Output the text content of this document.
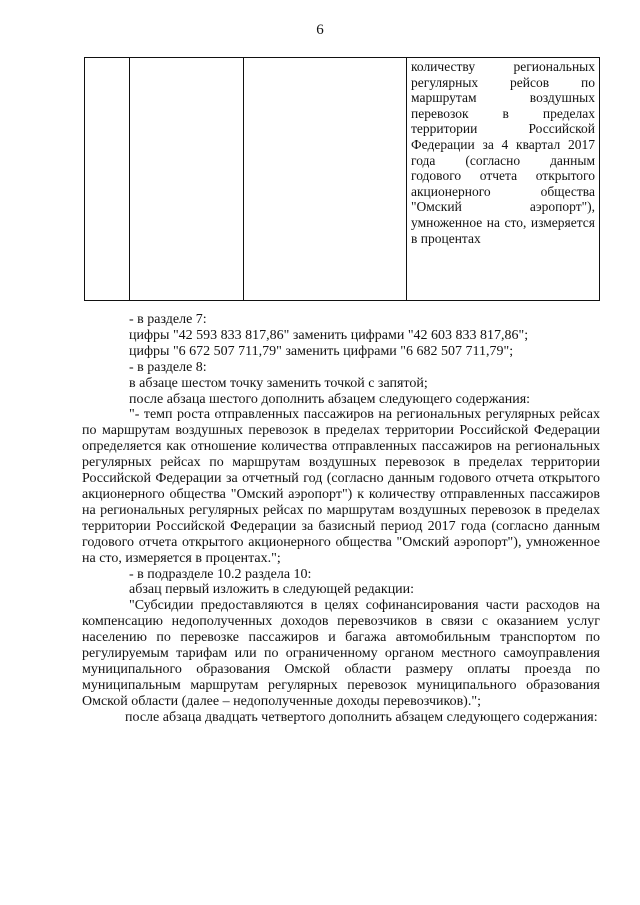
6

количеству региональных регулярных рейсов по маршрутам воздушных перевозок в пределах территории Российской Федерации за 4 квартал 2017 года (согласно данным годового отчета открытого акционерного общества "Омский аэропорт"), умноженное на сто, измеряется в процентах

- в разделе 7:

цифры "42 593 833 817,86" заменить цифрами "42 603 833 817,86";

цифры "6 672 507 711,79" заменить цифрами "6 682 507 711,79";

- в разделе 8:

в абзаце шестом точку заменить точкой с запятой;

после абзаца шестого дополнить абзацем следующего содержания:

"- темп роста отправленных пассажиров на региональных регулярных рейсах по маршрутам воздушных перевозок в пределах территории Российской Федерации определяется как отношение количества отправленных пассажиров на региональных регулярных рейсах по маршрутам воздушных перевозок в пределах территории Российской Федерации за отчетный год (согласно данным годового отчета открытого акционерного общества "Омский аэропорт") к количеству отправленных пассажиров на региональных регулярных рейсах по маршрутам воздушных перевозок в пределах территории Российской Федерации за базисный период 2017 года (согласно данным годового отчета открытого акционерного общества "Омский аэропорт"), умноженное на сто, измеряется в процентах.";

- в подразделе 10.2 раздела 10:

абзац первый изложить в следующей редакции:

"Субсидии предоставляются в целях софинансирования части расходов на компенсацию недополученных доходов перевозчиков в связи с оказанием услуг населению по перевозке пассажиров и багажа автомобильным транспортом по регулируемым тарифам или по ограниченному органом местного самоуправления муниципального образования Омской области размеру оплаты проезда по муниципальным маршрутам регулярных перевозок муниципального образования Омской области (далее – недополученные доходы перевозчиков).";

после абзаца двадцать четвертого дополнить абзацем следующего содержания:
